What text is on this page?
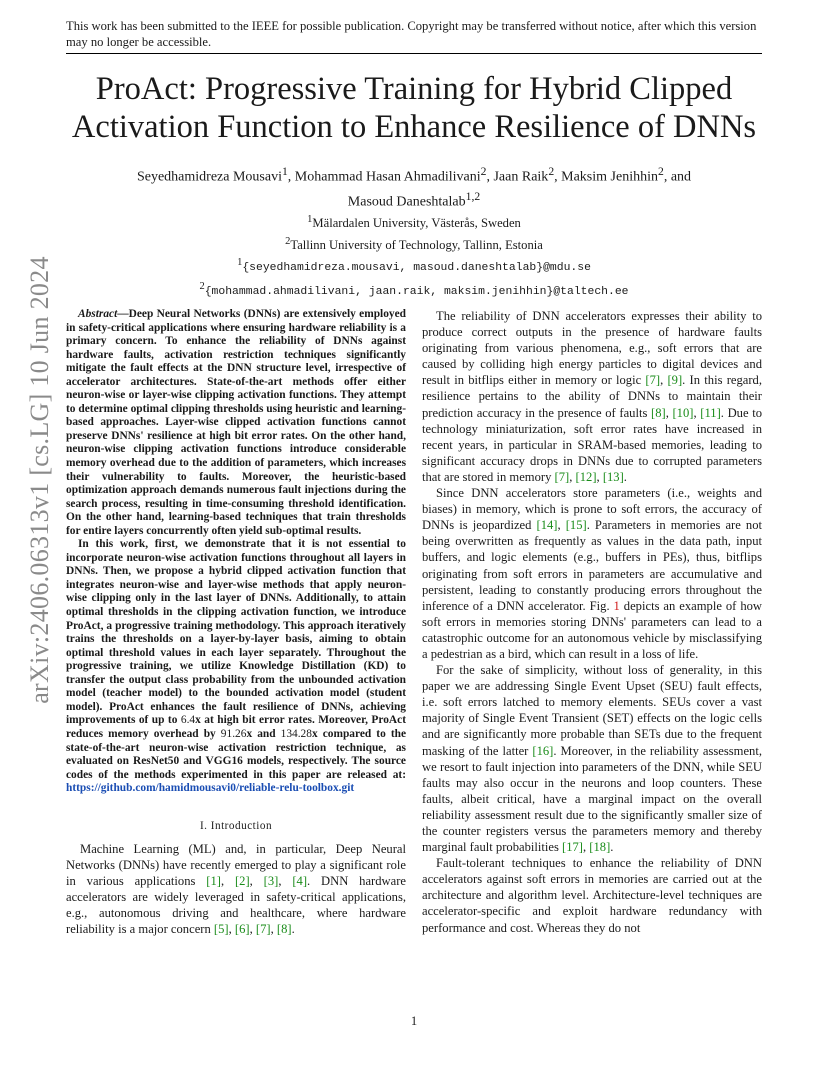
This work has been submitted to the IEEE for possible publication. Copyright may be transferred without notice, after which this version may no longer be accessible.
ProAct: Progressive Training for Hybrid Clipped
Activation Function to Enhance Resilience of DNNs
Seyedhamidreza Mousavi$^1$, Mohammad Hasan Ahmadilivani$^2$, Jaan Raik$^2$, Maksim Jenihhin$^2$, and
Masoud Daneshtalab$^{1,2}$
$^1$Mälardalen University, Västerås, Sweden
$^2$Tallinn University of Technology, Tallinn, Estonia
$^1${seyedhamidreza.mousavi, masoud.daneshtalab}@mdu.se
$^2${mohammad.ahmadilivani, jaan.raik, maksim.jenihhin}@taltech.ee
arXiv:2406.06313v1 [cs.LG] 10 Jun 2024	Abstract—Deep Neural Networks (DNNs) are extensively employed in safety-critical applications where ensuring hardware reliability is a primary concern. To enhance the reliability of DNNs against hardware faults, activation restriction techniques significantly mitigate the fault effects at the DNN structure level, irrespective of accelerator architectures. State-of-the-art methods offer either neuron-wise or layer-wise clipping activation functions. They attempt to determine optimal clipping thresholds using heuristic and learning-based approaches. Layer-wise clipped activation functions cannot preserve DNNs' resilience at high bit error rates. On the other hand, neuron-wise clipping activation functions introduce considerable memory overhead due to the addition of parameters, which increases their vulnerability to faults. Moreover, the heuristic-based optimization approach demands numerous fault injections during the search process, resulting in time-consuming threshold identification. On the other hand, learning-based techniques that train thresholds for entire layers concurrently often yield sub-optimal results.

In this work, first, we demonstrate that it is not essential to incorporate neuron-wise activation functions throughout all layers in DNNs. Then, we propose a hybrid clipped activation function that integrates neuron-wise and layer-wise methods that apply neuron-wise clipping only in the last layer of DNNs. Additionally, to attain optimal thresholds in the clipping activation function, we introduce ProAct, a progressive training methodology. This approach iteratively trains the thresholds on a layer-by-layer basis, aiming to obtain optimal threshold values in each layer separately. Throughout the progressive training, we utilize Knowledge Distillation (KD) to transfer the output class probability from the unbounded activation model (teacher model) to the bounded activation model (student model). ProAct enhances the fault resilience of DNNs, achieving improvements of up to 6.4x at high bit error rates. Moreover, ProAct reduces memory overhead by 91.26x and 134.28x compared to the state-of-the-art neuron-wise activation restriction technique, as evaluated on ResNet50 and VGG16 models, respectively. The source codes of the methods experimented in this paper are released at: https://github.com/hamidmousavi0/reliable-relu-toolbox.git

I. Introduction

Machine Learning (ML) and, in particular, Deep Neural Networks (DNNs) have recently emerged to play a significant role in various applications [1], [2], [3], [4]. DNN hardware accelerators are widely leveraged in safety-critical applications, e.g., autonomous driving and healthcare, where hardware reliability is a major concern [5], [6], [7], [8].

The reliability of DNN accelerators expresses their ability to produce correct outputs in the presence of hardware faults originating from various phenomena, e.g., soft errors that are caused by colliding high energy particles to digital devices and result in bitflips either in memory or logic [7], [9]. In this regard, resilience pertains to the ability of DNNs to maintain their prediction accuracy in the presence of faults [8], [10], [11]. Due to technology miniaturization, soft error rates have increased in recent years, in particular in SRAM-based memories, leading to significant accuracy drops in DNNs due to corrupted parameters that are stored in memory [7], [12], [13].

Since DNN accelerators store parameters (i.e., weights and biases) in memory, which is prone to soft errors, the accuracy of DNNs is jeopardized [14], [15]. Parameters in memories are not being overwritten as frequently as values in the data path, input buffers, and logic elements (e.g., buffers in PEs), thus, bitflips originating from soft errors in parameters are accumulative and persistent, leading to constantly producing errors throughout the inference of a DNN accelerator. Fig. 1 depicts an example of how soft errors in memories storing DNNs' parameters can lead to a catastrophic outcome for an autonomous vehicle by misclassifying a pedestrian as a bird, which can result in a loss of life.

For the sake of simplicity, without loss of generality, in this paper we are addressing Single Event Upset (SEU) fault effects, i.e. soft errors latched to memory elements. SEUs cover a vast majority of Single Event Transient (SET) effects on the logic cells and are significantly more probable than SETs due to the frequent masking of the latter [16]. Moreover, in the reliability assessment, we resort to fault injection into parameters of the DNN, while SEU faults may also occur in the neurons and loop counters. These faults, albeit critical, have a marginal impact on the overall reliability assessment result due to the significantly smaller size of the counter registers versus the parameters memory and thereby marginal fault probabilities [17], [18].

Fault-tolerant techniques to enhance the reliability of DNN accelerators against soft errors in memories are carried out at the architecture and algorithm level. Architecture-level techniques are accelerator-specific and exploit hardware redundancy with performance and cost. Whereas they do not

1
